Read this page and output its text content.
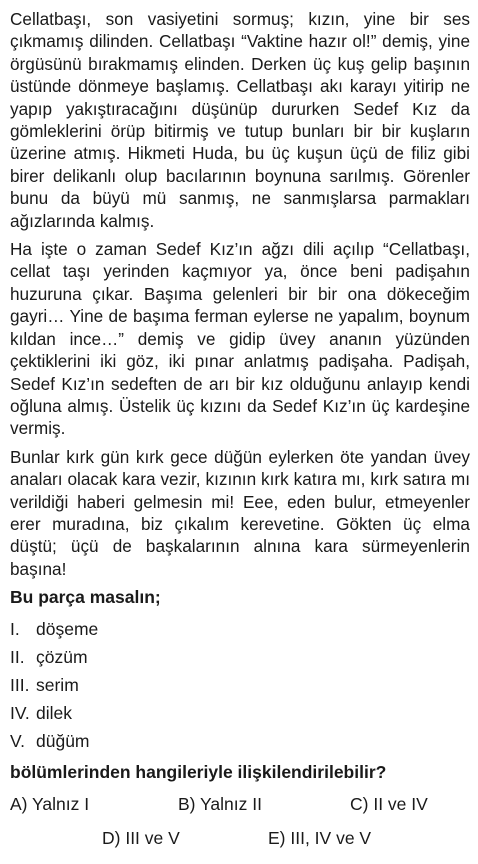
Cellatbaşı, son vasiyetini sormuş; kızın, yine bir ses çıkmamış dilinden. Cellatbaşı “Vaktine hazır ol!” demiş, yine örgüsünü bırakmamış elinden. Derken üç kuş gelip başının üstünde dönmeye başlamış. Cellatbaşı akı karayı yitirip ne yapıp yakıştıracağını düşünüp dururken Sedef Kız da gömleklerini örüp bitirmiş ve tutup bunları bir bir kuşların üzerine atmış. Hikmeti Huda, bu üç kuşun üçü de filiz gibi birer delikanlı olup bacılarının boynuna sarılmış. Görenler bunu da büyü mü sanmış, ne sanmışlarsa parmakları ağızlarında kalmış.

Ha işte o zaman Sedef Kız’ın ağzı dili açılıp “Cellatbaşı, cellat taşı yerinden kaçmıyor ya, önce beni padişahın huzuruna çıkar. Başıma gelenleri bir bir ona dökeceğim gayri… Yine de başıma ferman eylerse ne yapalım, boynum kıldan ince…” demiş ve gidip üvey ananın yüzünden çektiklerini iki göz, iki pınar anlatmış padişaha. Padişah, Sedef Kız’ın sedeften de arı bir kız olduğunu anlayıp kendi oğluna almış. Üstelik üç kızını da Sedef Kız’ın üç kardeşine vermiş.

Bunlar kırk gün kırk gece düğün eylerken öte yandan üvey anaları olacak kara vezir, kızının kırk katıra mı, kırk satıra mı verildiği haberi gelmesin mi! Eee, eden bulur, etmeyenler erer muradına, biz çıkalım kerevetine. Gökten üç elma düştü; üçü de başkalarının alnına kara sürmeyenlerin başına!

Bu parça masalın;

I. döşeme
II. çözüm
III. serim
IV. dilek
V. düğüm

bölümlerinden hangileriyle ilişkilendirilebilir?

A) Yalnız I	B) Yalnız II	C) II ve IV
D) III ve V	E) III, IV ve V
